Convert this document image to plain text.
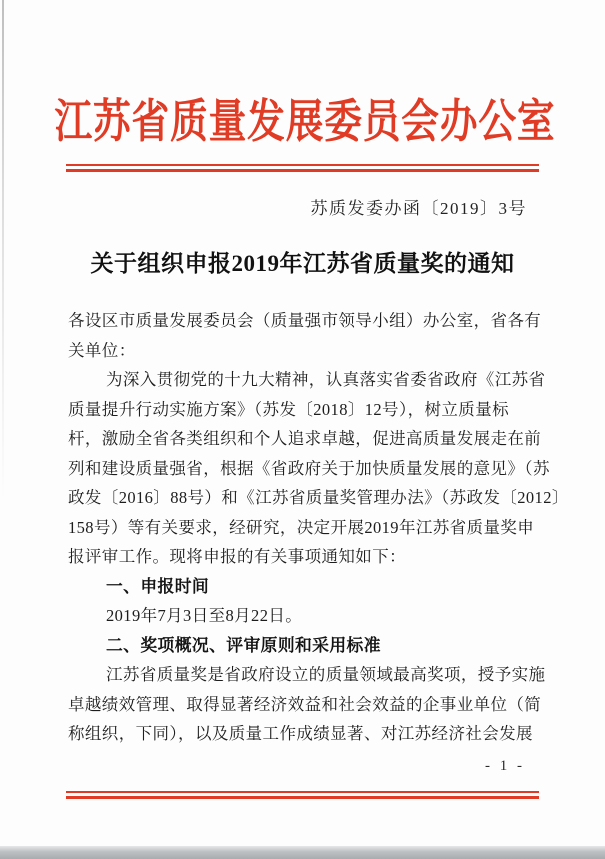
江苏省质量发展委员会办公室
苏质发委办函〔2019〕3号
关于组织申报2019年江苏省质量奖的通知
各设区市质量发展委员会（质量强市领导小组）办公室，省各有
关单位：
为深入贯彻党的十九大精神，认真落实省委省政府《江苏省
质量提升行动实施方案》（苏发〔2018〕12号），树立质量标
杆，激励全省各类组织和个人追求卓越，促进高质量发展走在前
列和建设质量强省，根据《省政府关于加快质量发展的意见》（苏
政发〔2016〕88号）和《江苏省质量奖管理办法》（苏政发〔2012〕
158号）等有关要求，经研究，决定开展2019年江苏省质量奖申
报评审工作。现将申报的有关事项通知如下：
一、申报时间
2019年7月3日至8月22日。
二、奖项概况、评审原则和采用标准
江苏省质量奖是省政府设立的质量领域最高奖项，授予实施
卓越绩效管理、取得显著经济效益和社会效益的企事业单位（简
称组织，下同），以及质量工作成绩显著、对江苏经济社会发展
- 1 -
